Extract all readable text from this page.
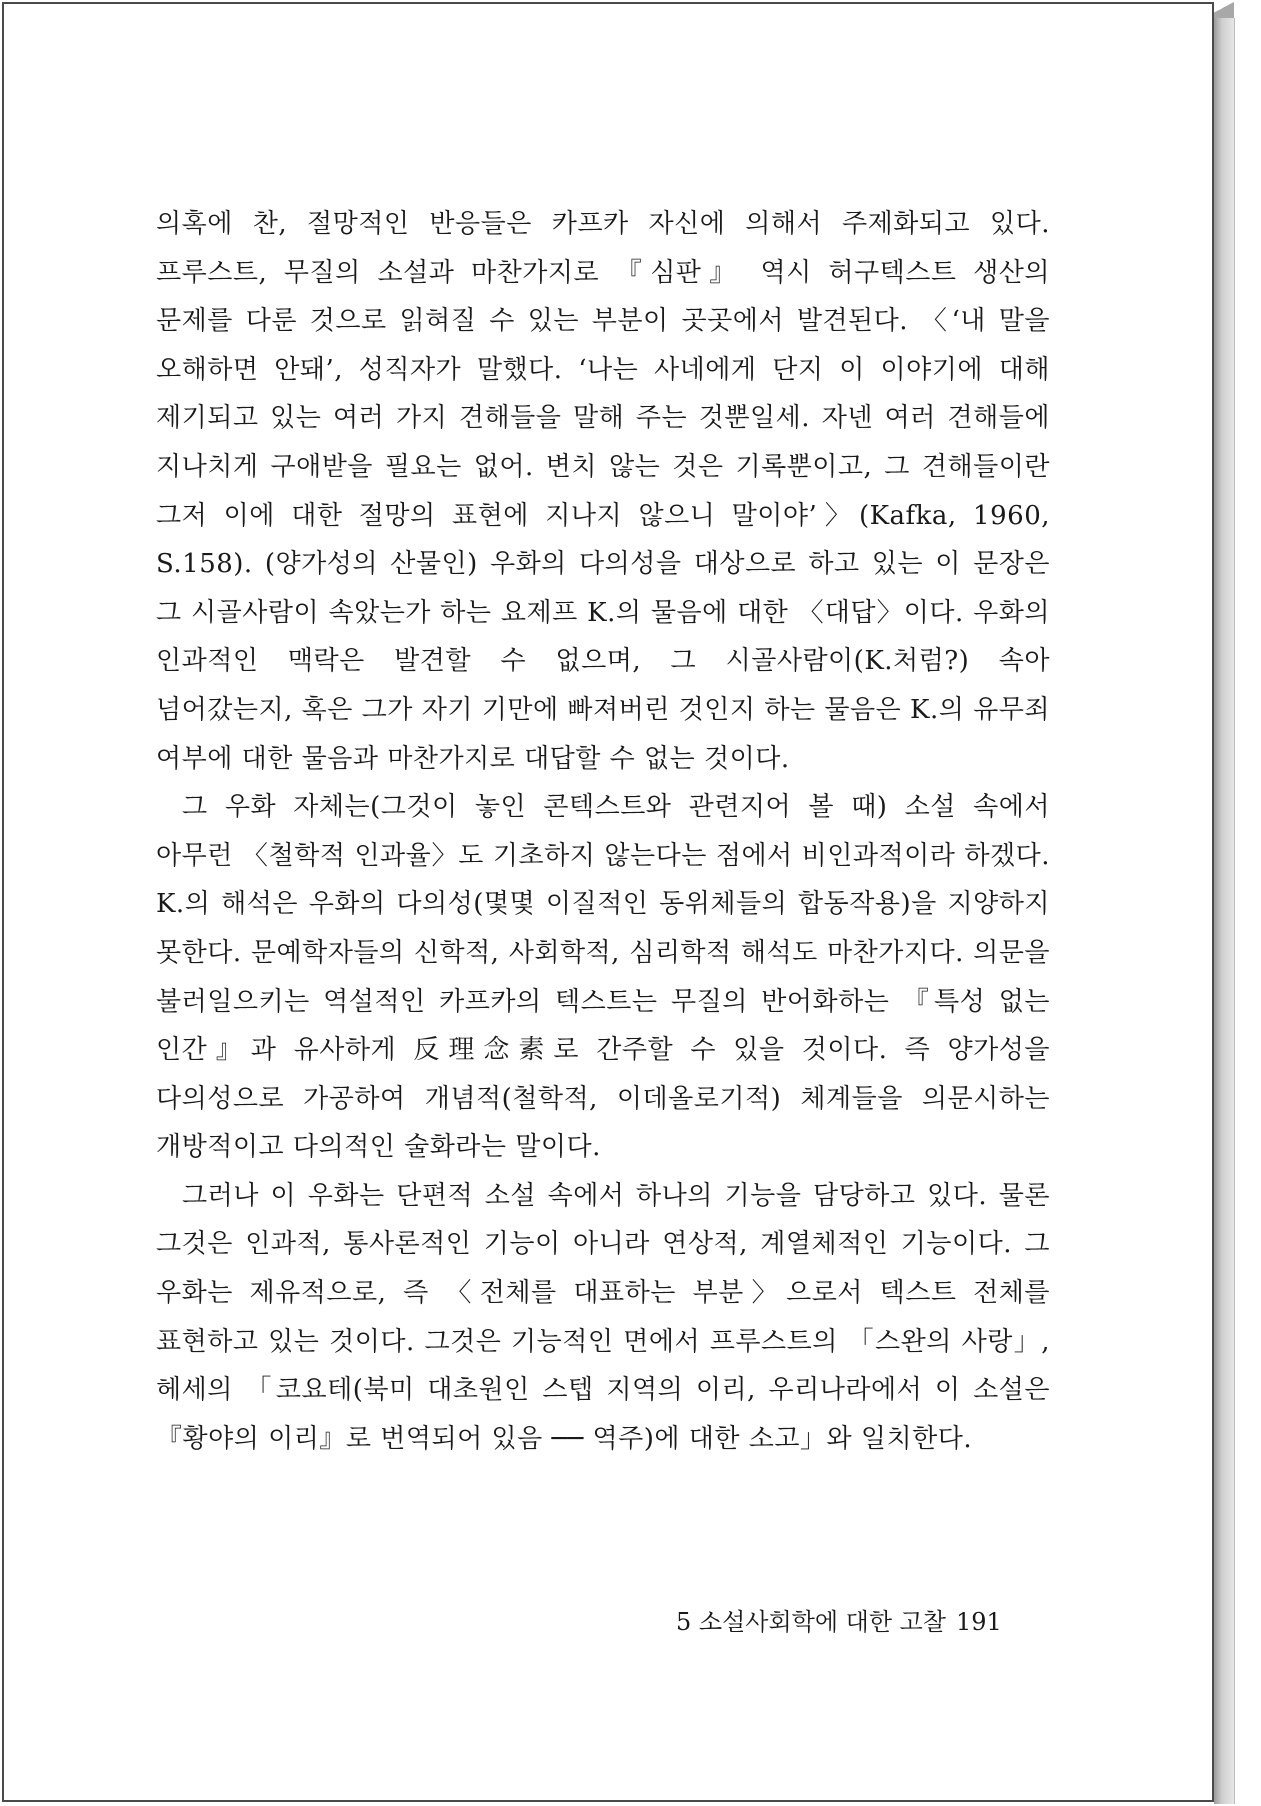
의혹에 찬, 절망적인 반응들은 카프카 자신에 의해서 주제화되고 있다. 프루스트, 무질의 소설과 마찬가지로 『심판』 역시 허구텍스트 생산의 문제를 다룬 것으로 읽혀질 수 있는 부분이 곳곳에서 발견된다. 〈‘내 말을 오해하면 안돼’, 성직자가 말했다. ‘나는 사네에게 단지 이 이야기에 대해 제기되고 있는 여러 가지 견해들을 말해 주는 것뿐일세. 자넨 여러 견해들에 지나치게 구애받을 필요는 없어. 변치 않는 것은 기록뿐이고, 그 견해들이란 그저 이에 대한 절망의 표현에 지나지 않으니 말이야’〉(Kafka, 1960, S.158). (양가성의 산물인) 우화의 다의성을 대상으로 하고 있는 이 문장은 그 시골사람이 속았는가 하는 요제프 K.의 물음에 대한 〈대답〉이다. 우화의 인과적인 맥락은 발견할 수 없으며, 그 시골사람이(K.처럼?) 속아 넘어갔는지, 혹은 그가 자기 기만에 빠져버린 것인지 하는 물음은 K.의 유무죄 여부에 대한 물음과 마찬가지로 대답할 수 없는 것이다.

그 우화 자체는(그것이 놓인 콘텍스트와 관련지어 볼 때) 소설 속에서 아무런 〈철학적 인과율〉도 기초하지 않는다는 점에서 비인과적이라 하겠다. K.의 해석은 우화의 다의성(몇몇 이질적인 동위체들의 합동작용)을 지양하지 못한다. 문예학자들의 신학적, 사회학적, 심리학적 해석도 마찬가지다. 의문을 불러일으키는 역설적인 카프카의 텍스트는 무질의 반어화하는 『특성 없는 인간』과 유사하게 反理念素로 간주할 수 있을 것이다. 즉 양가성을 다의성으로 가공하여 개념적(철학적, 이데올로기적) 체계들을 의문시하는 개방적이고 다의적인 술화라는 말이다.

그러나 이 우화는 단편적 소설 속에서 하나의 기능을 담당하고 있다. 물론 그것은 인과적, 통사론적인 기능이 아니라 연상적, 계열체적인 기능이다. 그 우화는 제유적으로, 즉 〈전체를 대표하는 부분〉으로서 텍스트 전체를 표현하고 있는 것이다. 그것은 기능적인 면에서 프루스트의 「스완의 사랑」, 헤세의 「코요테(북미 대초원인 스텝 지역의 이리, 우리나라에서 이 소설은 『황야의 이리』로 번역되어 있음 ── 역주)에 대한 소고」와 일치한다.

5 소설사회학에 대한 고찰 191
